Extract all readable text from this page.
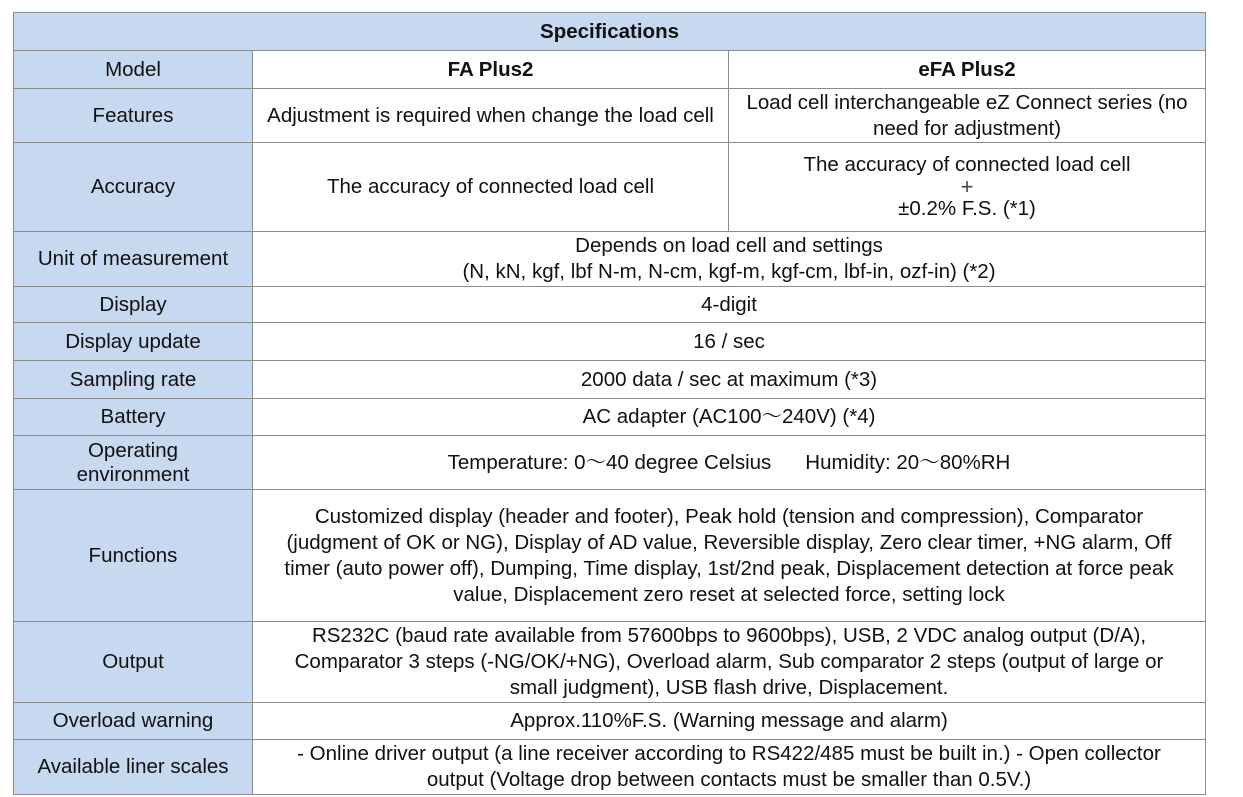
Specifications		
Model	FA Plus2	eFA Plus2
Features	Adjustment is required when change the load cell	Load cell interchangeable eZ Connect series (no need for adjustment)
Accuracy	The accuracy of connected load cell	The accuracy of connected load cell
+
±0.2% F.S. (*1)

Unit of measurement	Depends on load cell and settings
(N, kN, kgf, lbf N-m, N-cm, kgf-m, kgf-cm, lbf-in, ozf-in) (*2)	

Display	4-digit	
Display update	16 / sec	
Sampling rate	2000 data / sec at maximum (*3)	
Battery	AC adapter (AC100～240V) (*4)	

Operating
environment	Temperature: 0～40 degree Celsius Humidity: 20～80%RH	
Functions	Customized display (header and footer), Peak hold (tension and compression), Comparator (judgment of OK or NG), Display of AD value, Reversible display, Zero clear timer, +NG alarm, Off timer (auto power off), Dumping, Time display, 1st/2nd peak, Displacement detection at force peak value, Displacement zero reset at selected force, setting lock	
Output	RS232C (baud rate available from 57600bps to 9600bps), USB, 2 VDC analog output (D/A), Comparator 3 steps (-NG/OK/+NG), Overload alarm, Sub comparator 2 steps (output of large or small judgment), USB flash drive, Displacement.	
Overload warning	Approx.110%F.S. (Warning message and alarm)	
Available liner scales	- Online driver output (a line receiver according to RS422/485 must be built in.) - Open collector output (Voltage drop between contacts must be smaller than 0.5V.)	
